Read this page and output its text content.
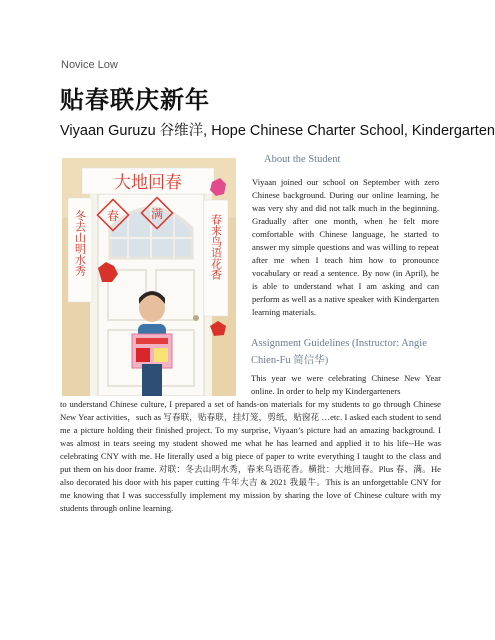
Novice Low
贴春联庆新年
Viyaan Guruzu 谷维洋, Hope Chinese Charter School, Kindergarten
大地回春
冬去山明水秀	春来鸟语花香
春	满
About the Student
Viyaan joined our school on September with zero Chinese background. During our online learning, he was very shy and did not talk much in the beginning. Gradually after one month, when he felt more comfortable with Chinese language, he started to answer my simple questions and was willing to repeat after me when I teach him how to pronounce vocabulary or read a sentence. By now (in April), he is able to understand what I am asking and can perform as well as a native speaker with Kindergarten learning materials.
Assignment Guidelines (Instructor: Angie Chien-Fu 简信华)
This year we were celebrating Chinese New Year online. In order to help my Kindergarteners
to understand Chinese culture, I prepared a set of hands-on materials for my students to go through Chinese New Year activities，such as 写春联，贴春联，挂灯笼，剪纸，贴窗花 …etc. I asked each student to send me a picture holding their finished project. To my surprise, Viyaan’s picture had an amazing background. I was almost in tears seeing my student showed me what he has learned and applied it to his life--He was celebrating CNY with me. He literally used a big piece of paper to write everything I taught to the class and put them on his door frame. 对联：冬去山明水秀，春来鸟语花香。横批：大地回春。Plus 春、满。He also decorated his door with his paper cutting 牛年大吉 & 2021 我最牛。This is an unforgettable CNY for me knowing that I was successfully implement my mission by sharing the love of Chinese culture with my students through online learning.
